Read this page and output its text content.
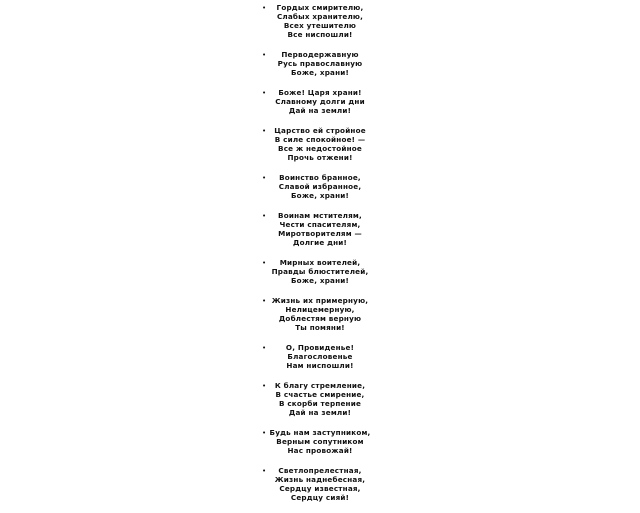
•	Гордых смирителю,
Слабых хранителю,
Всех утешителю
Все ниспошли!
•	Перводержавную
Русь православную
Боже, храни!
•	Боже! Царя храни!
Славному долги дни
Дай на земли!
•	Царство ей стройное
В силе спокойное! —
Все ж недостойное
Прочь отжени!
•	Воинство бранное,
Славой избранное,
Боже, храни!
•	Воинам мстителям,
Чести спасителям,
Миротворителям —
Долгие дни!
•	Мирных воителей,
Правды блюстителей,
Боже, храни!
• Жизнь их примерную,
Нелицемерную,
Доблестям верную
Ты помяни!
•	О, Провиденье!
Благословенье
Нам ниспошли!
•	К благу стремление,
В счастье смирение,
В скорби терпение
Дай на земли!
• Будь нам заступником,
Верным сопутником
Нас провожай!
•	Светлопрелестная,
Жизнь наднебесная,
Сердцу известная,
Сердцу сияй!
